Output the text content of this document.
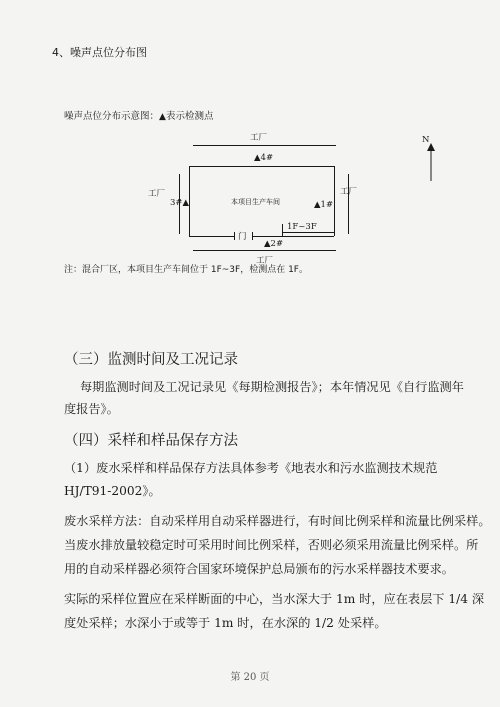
4、噪声点位分布图
噪声点位分布示意图：▲表示检测点
工厂
工厂	工厂
工厂
本项目生产车间
▲4#
3#▲	▲1#
▲2#
1F~3F
门
N
注：混合厂区，本项目生产车间位于 1F~3F，检测点在 1F。
（三）监测时间及工况记录
每期监测时间及工况记录见《每期检测报告》；本年情况见《自行监测年
度报告》。
（四）采样和样品保存方法
（1）废水采样和样品保存方法具体参考《地表水和污水监测技术规范
HJ/T91-2002》。
废水采样方法：自动采样用自动采样器进行，有时间比例采样和流量比例采样。
当废水排放量较稳定时可采用时间比例采样，否则必须采用流量比例采样。所
用的自动采样器必须符合国家环境保护总局颁布的污水采样器技术要求。
实际的采样位置应在采样断面的中心，当水深大于 1m 时，应在表层下 1/4 深
度处采样；水深小于或等于 1m 时，在水深的 1/2 处采样。
第 20 页
